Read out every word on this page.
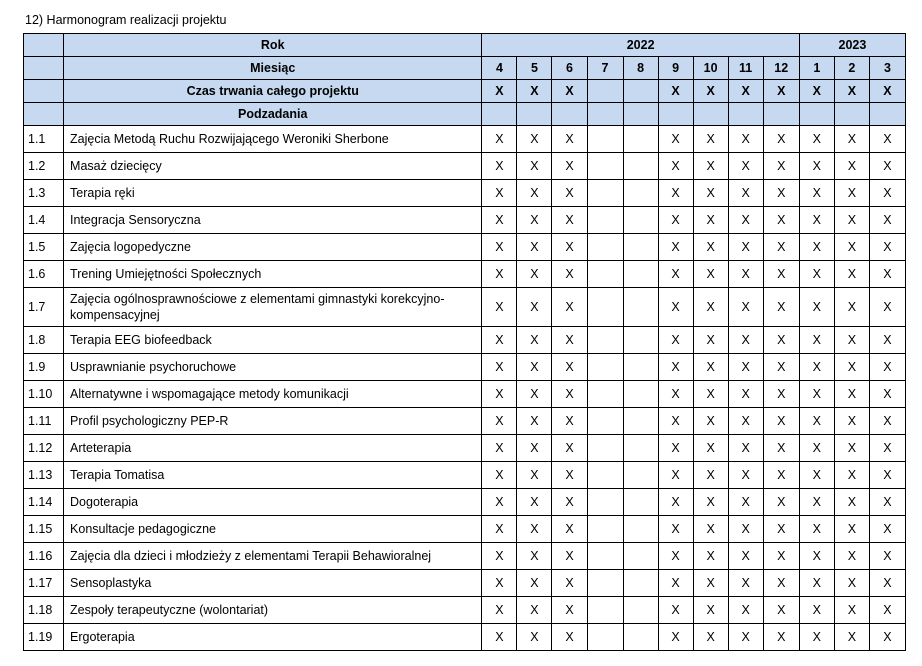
12) Harmonogram realizacji projektu
	Rok	2022									2023		
	Miesiąc	4	5	6	7	8	9	10	11	12	1	2	3
	Czas trwania całego projektu	X	X	X			X	X	X	X	X	X	X
	Podzadania												
1.1	Zajęcia Metodą Ruchu Rozwijającego Weroniki Sherbone	X	X	X			X	X	X	X	X	X	X
1.2	Masaż dziecięcy	X	X	X			X	X	X	X	X	X	X
1.3	Terapia ręki	X	X	X			X	X	X	X	X	X	X
1.4	Integracja Sensoryczna	X	X	X			X	X	X	X	X	X	X
1.5	Zajęcia logopedyczne	X	X	X			X	X	X	X	X	X	X
1.6	Trening Umiejętności Społecznych	X	X	X			X	X	X	X	X	X	X
1.7	Zajęcia ogólnosprawnościowe z elementami gimnastyki korekcyjno-kompensacyjnej	X	X	X			X	X	X	X	X	X	X
1.8	Terapia EEG biofeedback	X	X	X			X	X	X	X	X	X	X
1.9	Usprawnianie psychoruchowe	X	X	X			X	X	X	X	X	X	X
1.10	Alternatywne i wspomagające metody komunikacji	X	X	X			X	X	X	X	X	X	X
1.11	Profil psychologiczny PEP-R	X	X	X			X	X	X	X	X	X	X
1.12	Arteterapia	X	X	X			X	X	X	X	X	X	X
1.13	Terapia Tomatisa	X	X	X			X	X	X	X	X	X	X
1.14	Dogoterapia	X	X	X			X	X	X	X	X	X	X
1.15	Konsultacje pedagogiczne	X	X	X			X	X	X	X	X	X	X
1.16	Zajęcia dla dzieci i młodzieży z elementami Terapii Behawioralnej	X	X	X			X	X	X	X	X	X	X
1.17	Sensoplastyka	X	X	X			X	X	X	X	X	X	X
1.18	Zespoły terapeutyczne (wolontariat)	X	X	X			X	X	X	X	X	X	X
1.19	Ergoterapia	X	X	X			X	X	X	X	X	X	X
